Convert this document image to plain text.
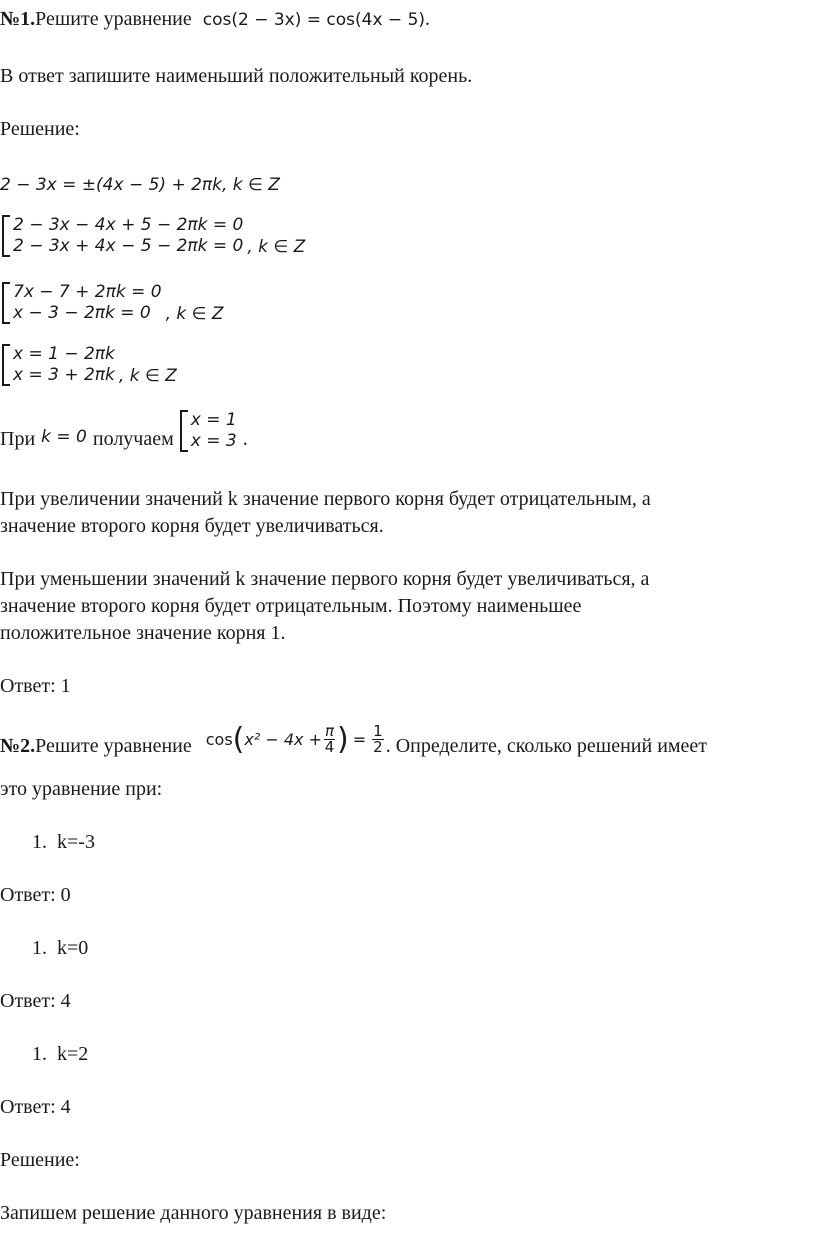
№1.Решите уравнение cos(2 − 3x) = cos(4x − 5).
В ответ запишите наименьший положительный корень.
Решение:
2 − 3x = ±(4x − 5) + 2πk, k ∈ Z
2 − 3x − 4x + 5 − 2πk = 0
2 − 3x + 4x − 5 − 2πk = 0 , k ∈ Z
7x − 7 + 2πk = 0
x − 3 − 2πk = 0 , k ∈ Z
x = 1 − 2πk
x = 3 + 2πk , k ∈ Z
При k = 0 получаем
x = 1
x = 3 .
При увеличении значений k значение первого корня будет отрицательным, а
значение второго корня будет увеличиваться.
При уменьшении значений k значение первого корня будет увеличиваться, а
значение второго корня будет отрицательным. Поэтому наименьшее
положительное значение корня 1.
Ответ: 1
№2. Решите уравнение cos ( $x^2 - 4x + \frac{\pi}{4}$ ) = $\frac{1}{2}$ . Определите, сколько решений имеет
это уравнение при:
1. k=-3
Ответ: 0
1. k=0
Ответ: 4
1. k=2
Ответ: 4
Решение:
Запишем решение данного уравнения в виде:
